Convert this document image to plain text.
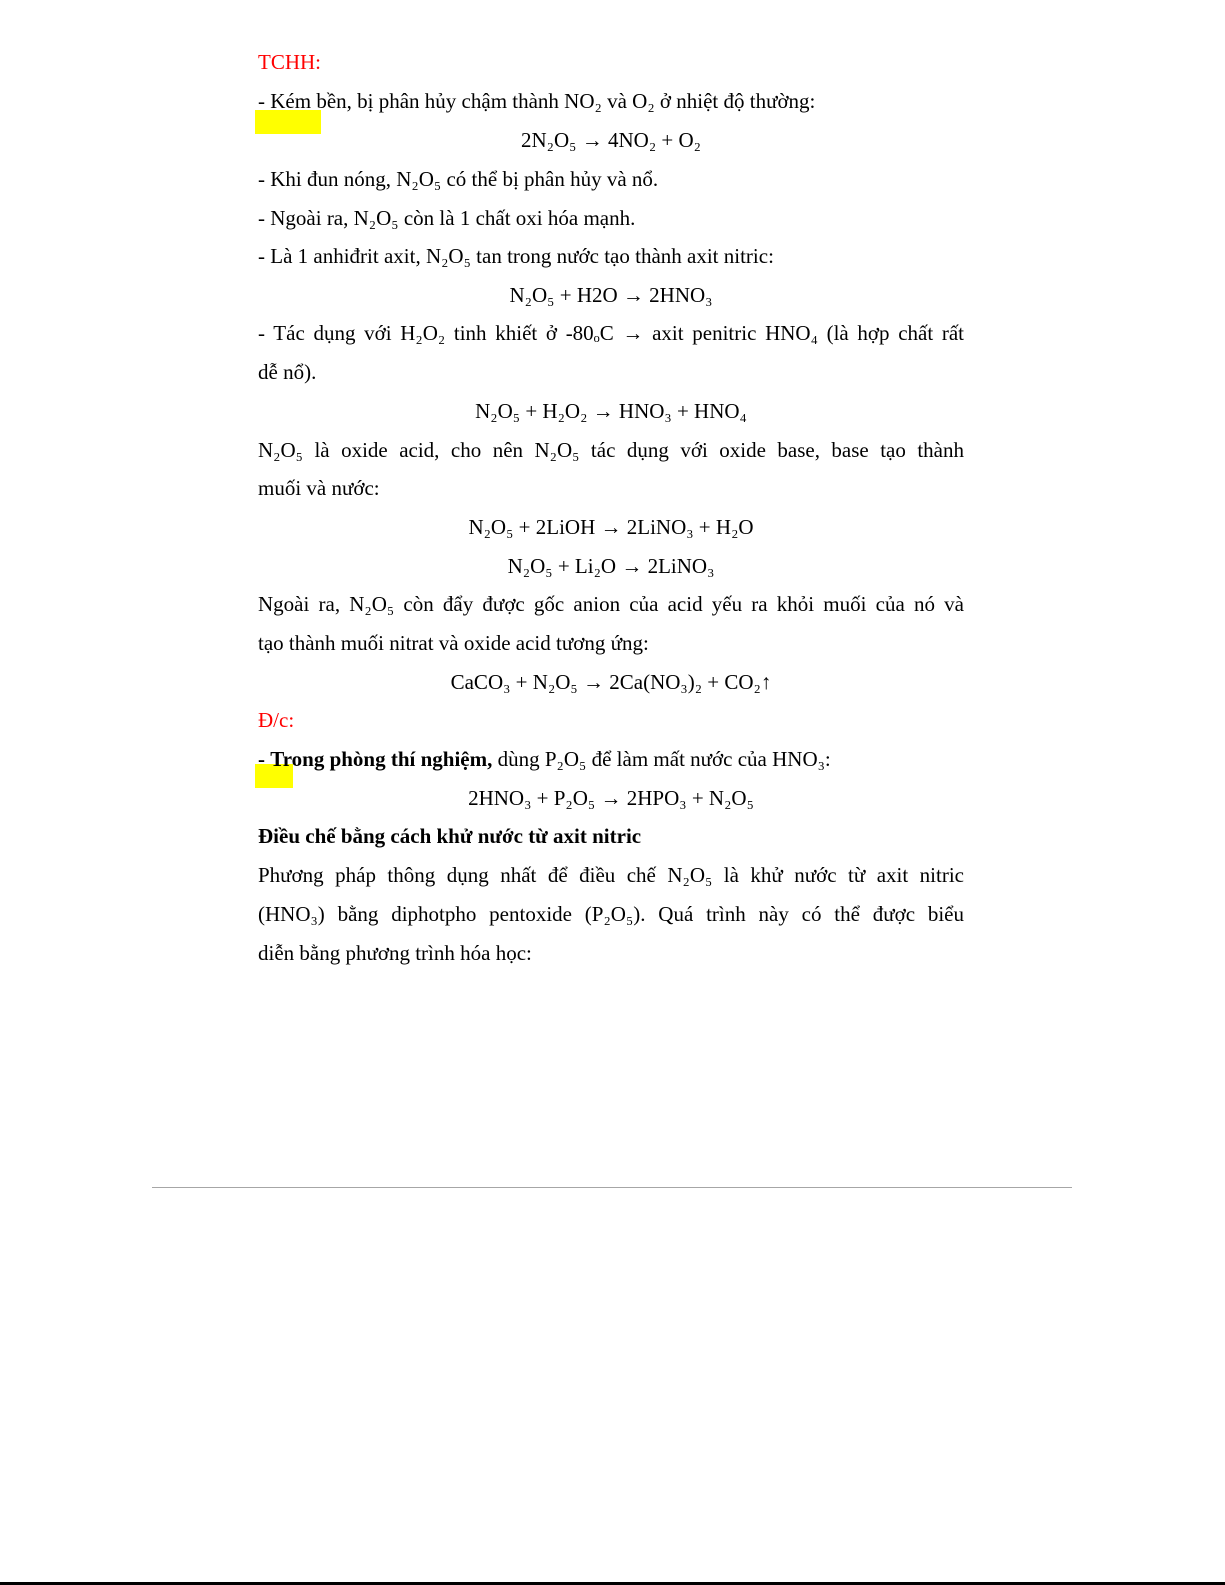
TCHH:

- Kém bền, bị phân hủy chậm thành NO₂ và O₂ ở nhiệt độ thường:

2N₂O₅ → 4NO₂ + O₂

- Khi đun nóng, N₂O₅ có thể bị phân hủy và nổ.

- Ngoài ra, N₂O₅ còn là 1 chất oxi hóa mạnh.

- Là 1 anhiđrit axit, N₂O₅ tan trong nước tạo thành axit nitric:

N₂O₅ + H2O → 2HNO₃

- Tác dụng với H₂O₂ tinh khiết ở -80ₒC → axit penitric HNO₄ (là hợp chất rất

dễ nổ).

N₂O₅ + H₂O₂ → HNO₃ + HNO₄

N₂O₅ là oxide acid, cho nên N₂O₅ tác dụng với oxide base, base tạo thành

muối và nước:

N₂O₅ + 2LiOH → 2LiNO₃ + H₂O

N₂O₅ + Li₂O → 2LiNO₃

Ngoài ra, N₂O₅ còn đẩy được gốc anion của acid yếu ra khỏi muối của nó và

tạo thành muối nitrat và oxide acid tương ứng:

CaCO₃ + N₂O₅ → 2Ca(NO₃)₂ + CO₂↑

Đ/c:

- Trong phòng thí nghiệm, dùng P₂O₅ để làm mất nước của HNO₃:

2HNO₃ + P₂O₅ → 2HPO₃ + N₂O₅

Điều chế bằng cách khử nước từ axit nitric

Phương pháp thông dụng nhất để điều chế N₂O₅ là khử nước từ axit nitric

(HNO₃) bằng diphotpho pentoxide (P₂O₅). Quá trình này có thể được biểu

diễn bằng phương trình hóa học:
